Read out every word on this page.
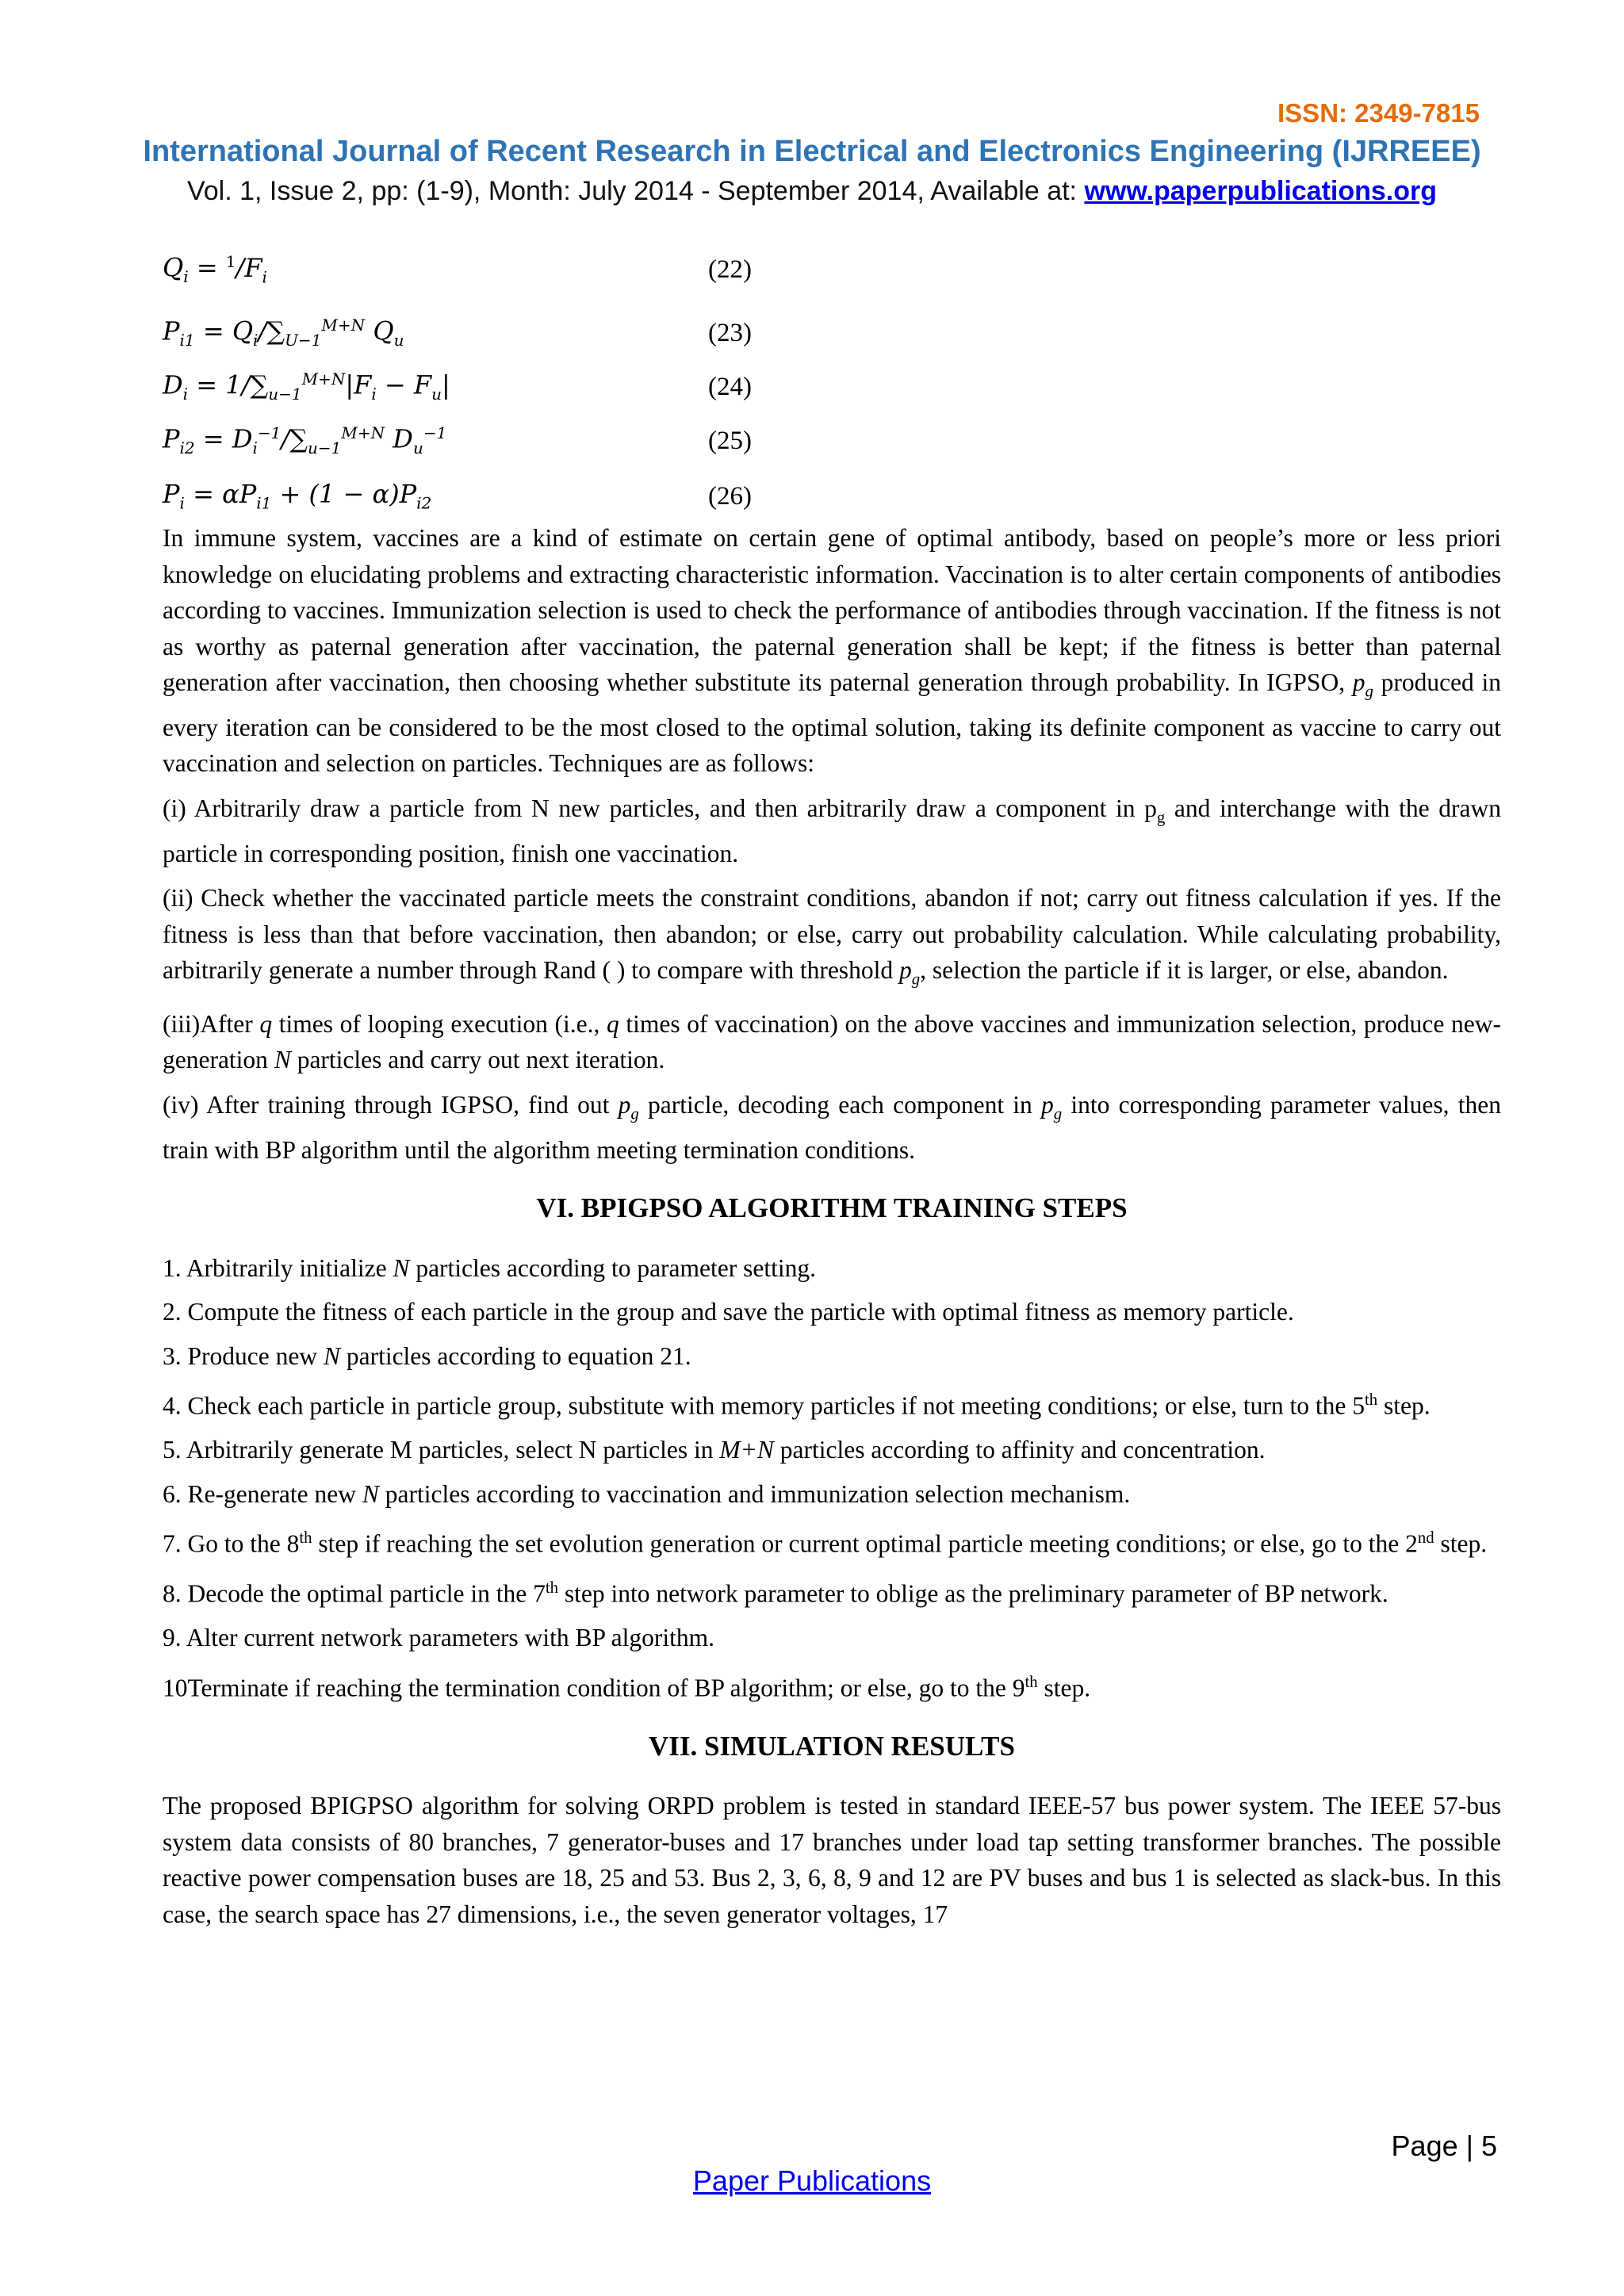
ISSN: 2349-7815
International Journal of Recent Research in Electrical and Electronics Engineering (IJRREEE)
Vol. 1, Issue 2, pp: (1-9), Month: July 2014 - September 2014, Available at: www.paperpublications.org
$Q_i = ^1/F_i$	(22)
$P_{i1} = Q_i/\sum_{U-1}^{M+N}$ $Q_u$	(23)
$D_i = 1/\sum_{u-1}^{M+N}|F_i - F_u|$	(24)
$P_{i2} = D_i^{-1}/\sum_{u-1}^{M+N}$ $D_u^{-1}$	(25)
$P_i = \alpha P_{i1} + (1 - \alpha)P_{i2}$	(26)

In immune system, vaccines are a kind of estimate on certain gene of optimal antibody, based on people’s more or less priori knowledge on elucidating problems and extracting characteristic information. Vaccination is to alter certain components of antibodies according to vaccines. Immunization selection is used to check the performance of antibodies through vaccination. If the fitness is not as worthy as paternal generation after vaccination, the paternal generation shall be kept; if the fitness is better than paternal generation after vaccination, then choosing whether substitute its paternal generation through probability. In IGPSO, $p_g$ produced in every iteration can be considered to be the most closed to the optimal solution, taking its definite component as vaccine to carry out vaccination and selection on particles. Techniques are as follows:

(i) Arbitrarily draw a particle from N new particles, and then arbitrarily draw a component in $p_g$ and interchange with the drawn particle in corresponding position, finish one vaccination.

(ii) Check whether the vaccinated particle meets the constraint conditions, abandon if not; carry out fitness calculation if yes. If the fitness is less than that before vaccination, then abandon; or else, carry out probability calculation. While calculating probability, arbitrarily generate a number through Rand ( ) to compare with threshold $p_g$, selection the particle if it is larger, or else, abandon.

(iii)After q times of looping execution (i.e., q times of vaccination) on the above vaccines and immunization selection, produce new-generation N particles and carry out next iteration.

(iv) After training through IGPSO, find out $p_g$ particle, decoding each component in $p_g$ into corresponding parameter values, then train with BP algorithm until the algorithm meeting termination conditions.

VI. BPIGPSO ALGORITHM TRAINING STEPS

1. Arbitrarily initialize N particles according to parameter setting.

2. Compute the fitness of each particle in the group and save the particle with optimal fitness as memory particle.

3. Produce new N particles according to equation 21.

4. Check each particle in particle group, substitute with memory particles if not meeting conditions; or else, turn to the 5th step.

5. Arbitrarily generate M particles, select N particles in M+N particles according to affinity and concentration.

6. Re-generate new N particles according to vaccination and immunization selection mechanism.

7. Go to the 8th step if reaching the set evolution generation or current optimal particle meeting conditions; or else, go to the 2nd step.

8. Decode the optimal particle in the 7th step into network parameter to oblige as the preliminary parameter of BP network.

9. Alter current network parameters with BP algorithm.

10Terminate if reaching the termination condition of BP algorithm; or else, go to the 9th step.

VII. SIMULATION RESULTS

The proposed BPIGPSO algorithm for solving ORPD problem is tested in standard IEEE-57 bus power system. The IEEE 57-bus system data consists of 80 branches, 7 generator-buses and 17 branches under load tap setting transformer branches. The possible reactive power compensation buses are 18, 25 and 53. Bus 2, 3, 6, 8, 9 and 12 are PV buses and bus 1 is selected as slack-bus. In this case, the search space has 27 dimensions, i.e., the seven generator voltages, 17

Page | 5
Paper Publications
